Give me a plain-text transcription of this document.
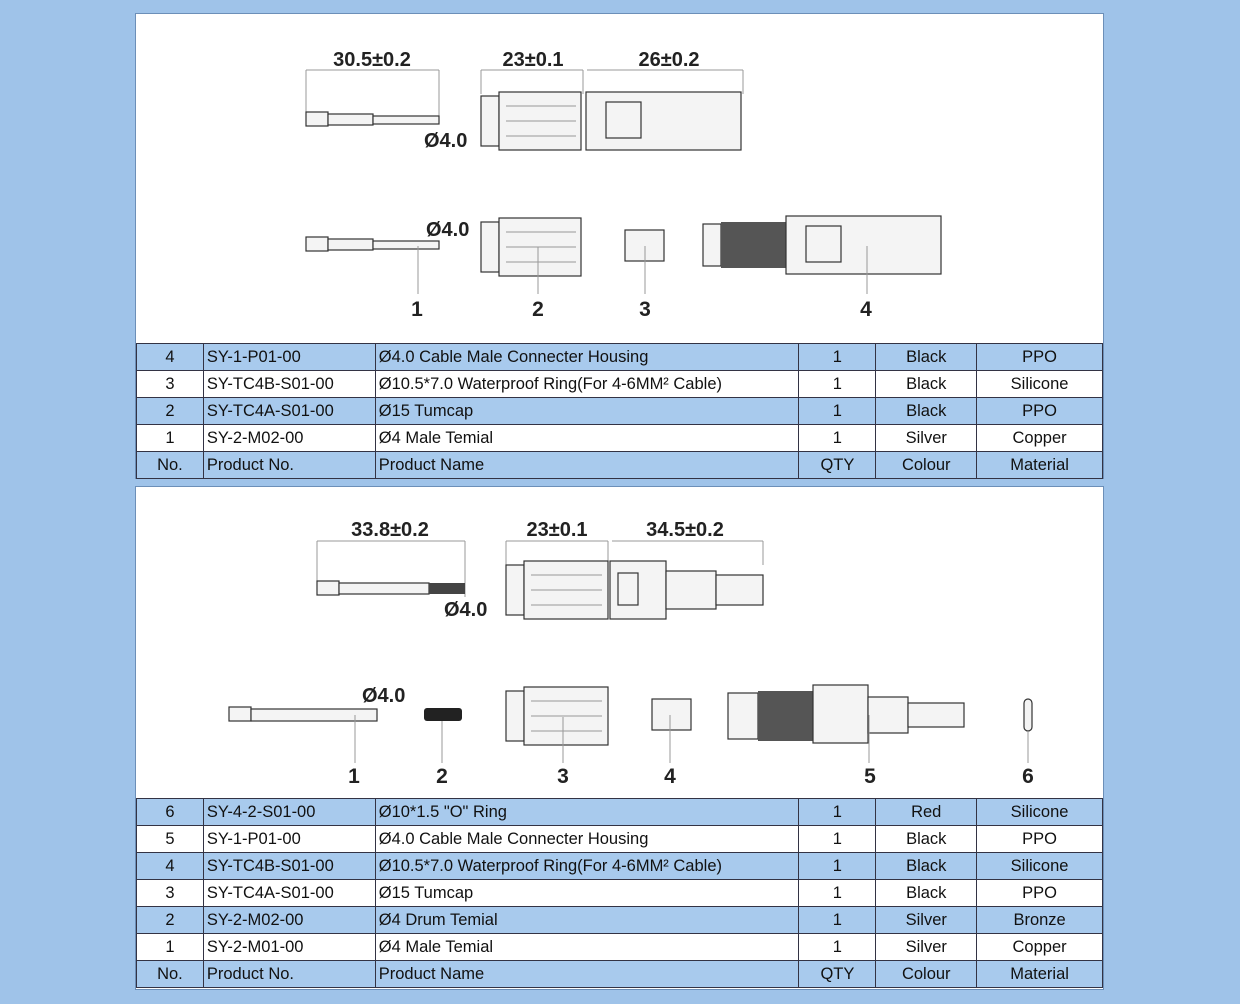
30.5±0.2	23±0.1	26±0.2
Ø4.0
Ø4.0
1	2	3	4
4	SY-1-P01-00	Ø4.0 Cable Male Connecter Housing	1	Black	PPO
3	SY-TC4B-S01-00	Ø10.5*7.0 Waterproof Ring(For 4-6MM² Cable)	1	Black	Silicone
2	SY-TC4A-S01-00	Ø15 Tumcap	1	Black	PPO
1	SY-2-M02-00	Ø4 Male Temial	1	Silver	Copper
No.	Product No.	Product Name	QTY	Colour	Material
33.8±0.2	23±0.1	34.5±0.2
Ø4.0
Ø4.0
1	2	3	4	5	6
6	SY-4-2-S01-00	Ø10*1.5 "O" Ring	1	Red	Silicone
5	SY-1-P01-00	Ø4.0 Cable Male Connecter Housing	1	Black	PPO
4	SY-TC4B-S01-00	Ø10.5*7.0 Waterproof Ring(For 4-6MM² Cable)	1	Black	Silicone
3	SY-TC4A-S01-00	Ø15 Tumcap	1	Black	PPO
2	SY-2-M02-00	Ø4 Drum Temial	1	Silver	Bronze
1	SY-2-M01-00	Ø4 Male Temial	1	Silver	Copper
No.	Product No.	Product Name	QTY	Colour	Material
